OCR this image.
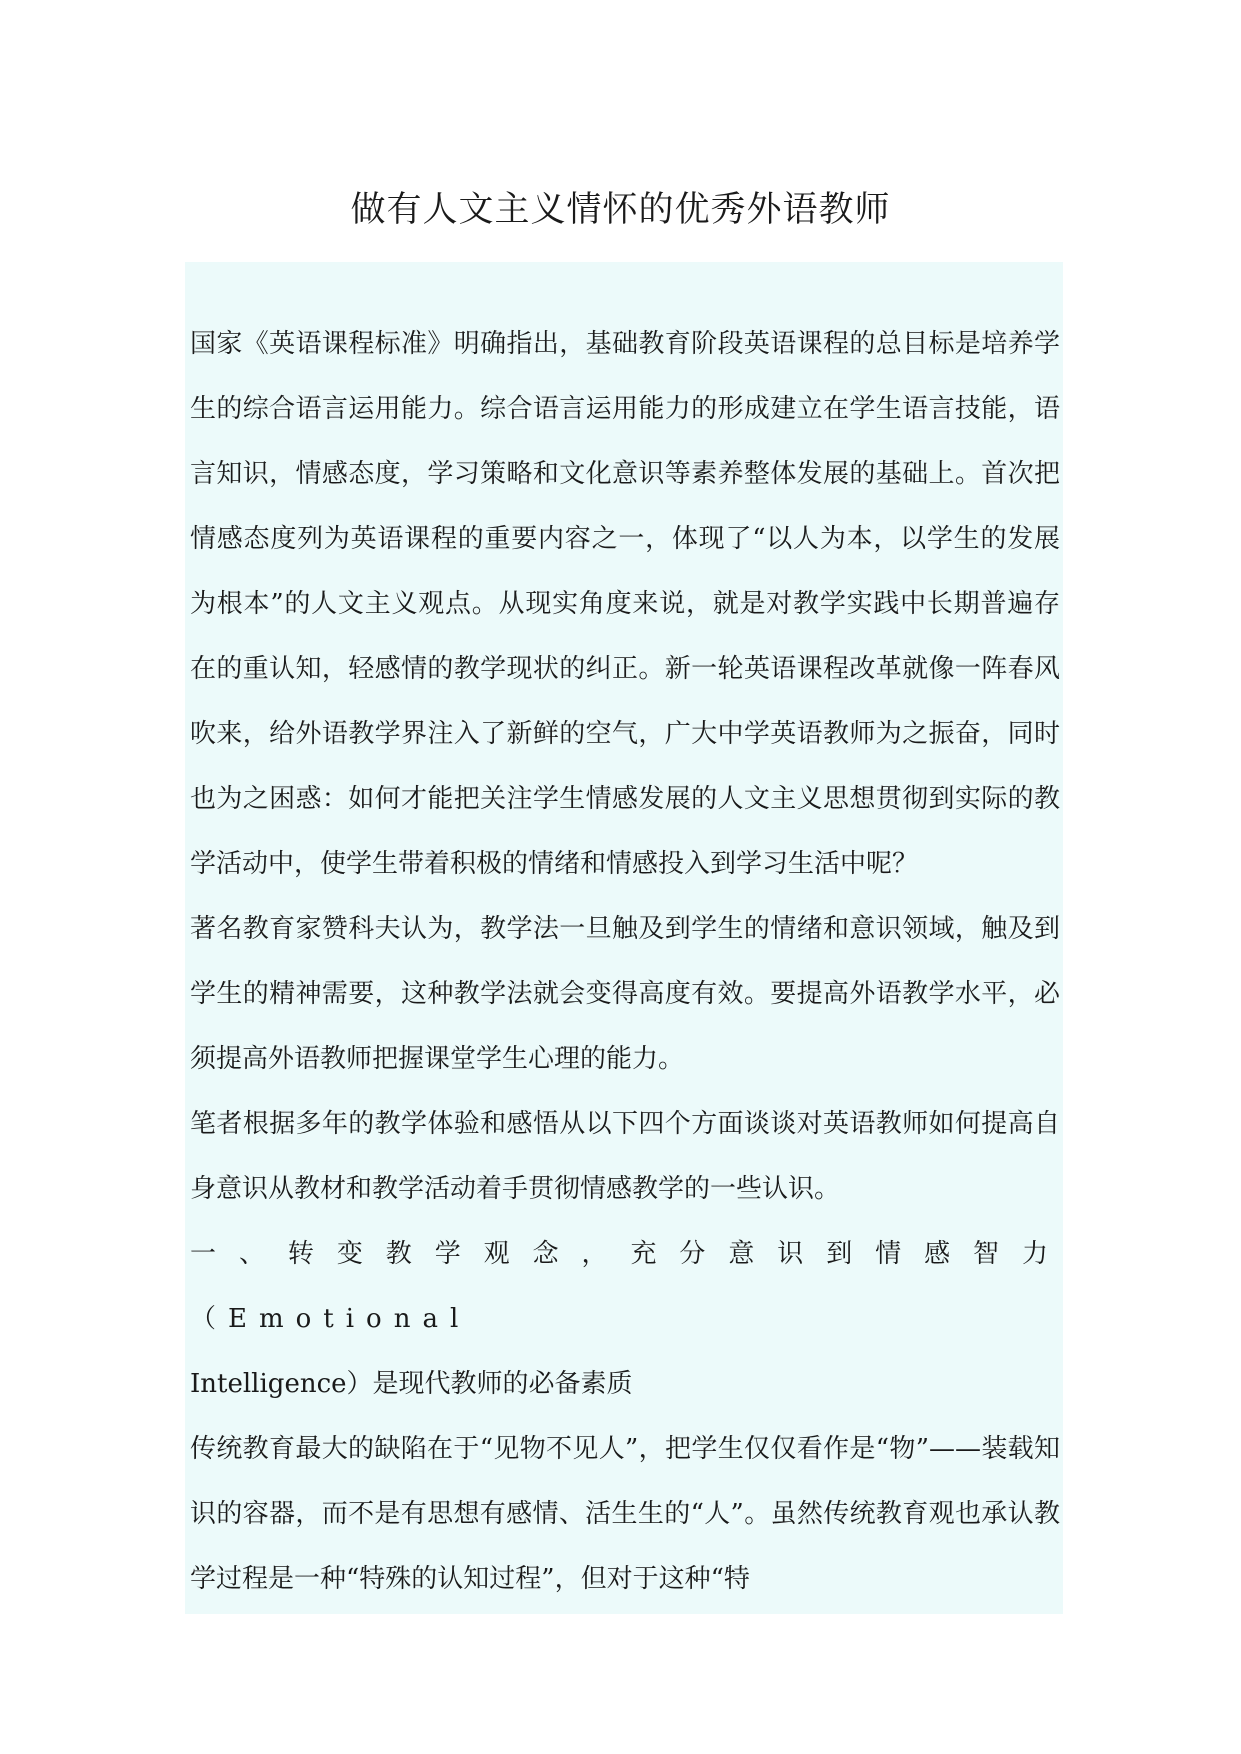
做有人文主义情怀的优秀外语教师

国家《英语课程标准》明确指出，基础教育阶段英语课程的总目标是培养学生的综合语言运用能力。综合语言运用能力的形成建立在学生语言技能，语言知识，情感态度，学习策略和文化意识等素养整体发展的基础上。首次把情感态度列为英语课程的重要内容之一，体现了“以人为本，以学生的发展为根本”的人文主义观点。从现实角度来说，就是对教学实践中长期普遍存在的重认知，轻感情的教学现状的纠正。新一轮英语课程改革就像一阵春风吹来，给外语教学界注入了新鲜的空气，广大中学英语教师为之振奋，同时也为之困惑：如何才能把关注学生情感发展的人文主义思想贯彻到实际的教学活动中，使学生带着积极的情绪和情感投入到学习生活中呢？

著名教育家赞科夫认为，教学法一旦触及到学生的情绪和意识领域，触及到学生的精神需要，这种教学法就会变得高度有效。要提高外语教学水平，必须提高外语教师把握课堂学生心理的能力。

笔者根据多年的教学体验和感悟从以下四个方面谈谈对英语教师如何提高自身意识从教材和教学活动着手贯彻情感教学的一些认识。

一、转变教学观念，充分意识到情感智力（Emotional

Intelligence）是现代教师的必备素质

传统教育最大的缺陷在于“见物不见人”，把学生仅仅看作是“物”——装载知识的容器，而不是有思想有感情、活生生的“人”。虽然传统教育观也承认教学过程是一种“特殊的认知过程”，但对于这种“特
